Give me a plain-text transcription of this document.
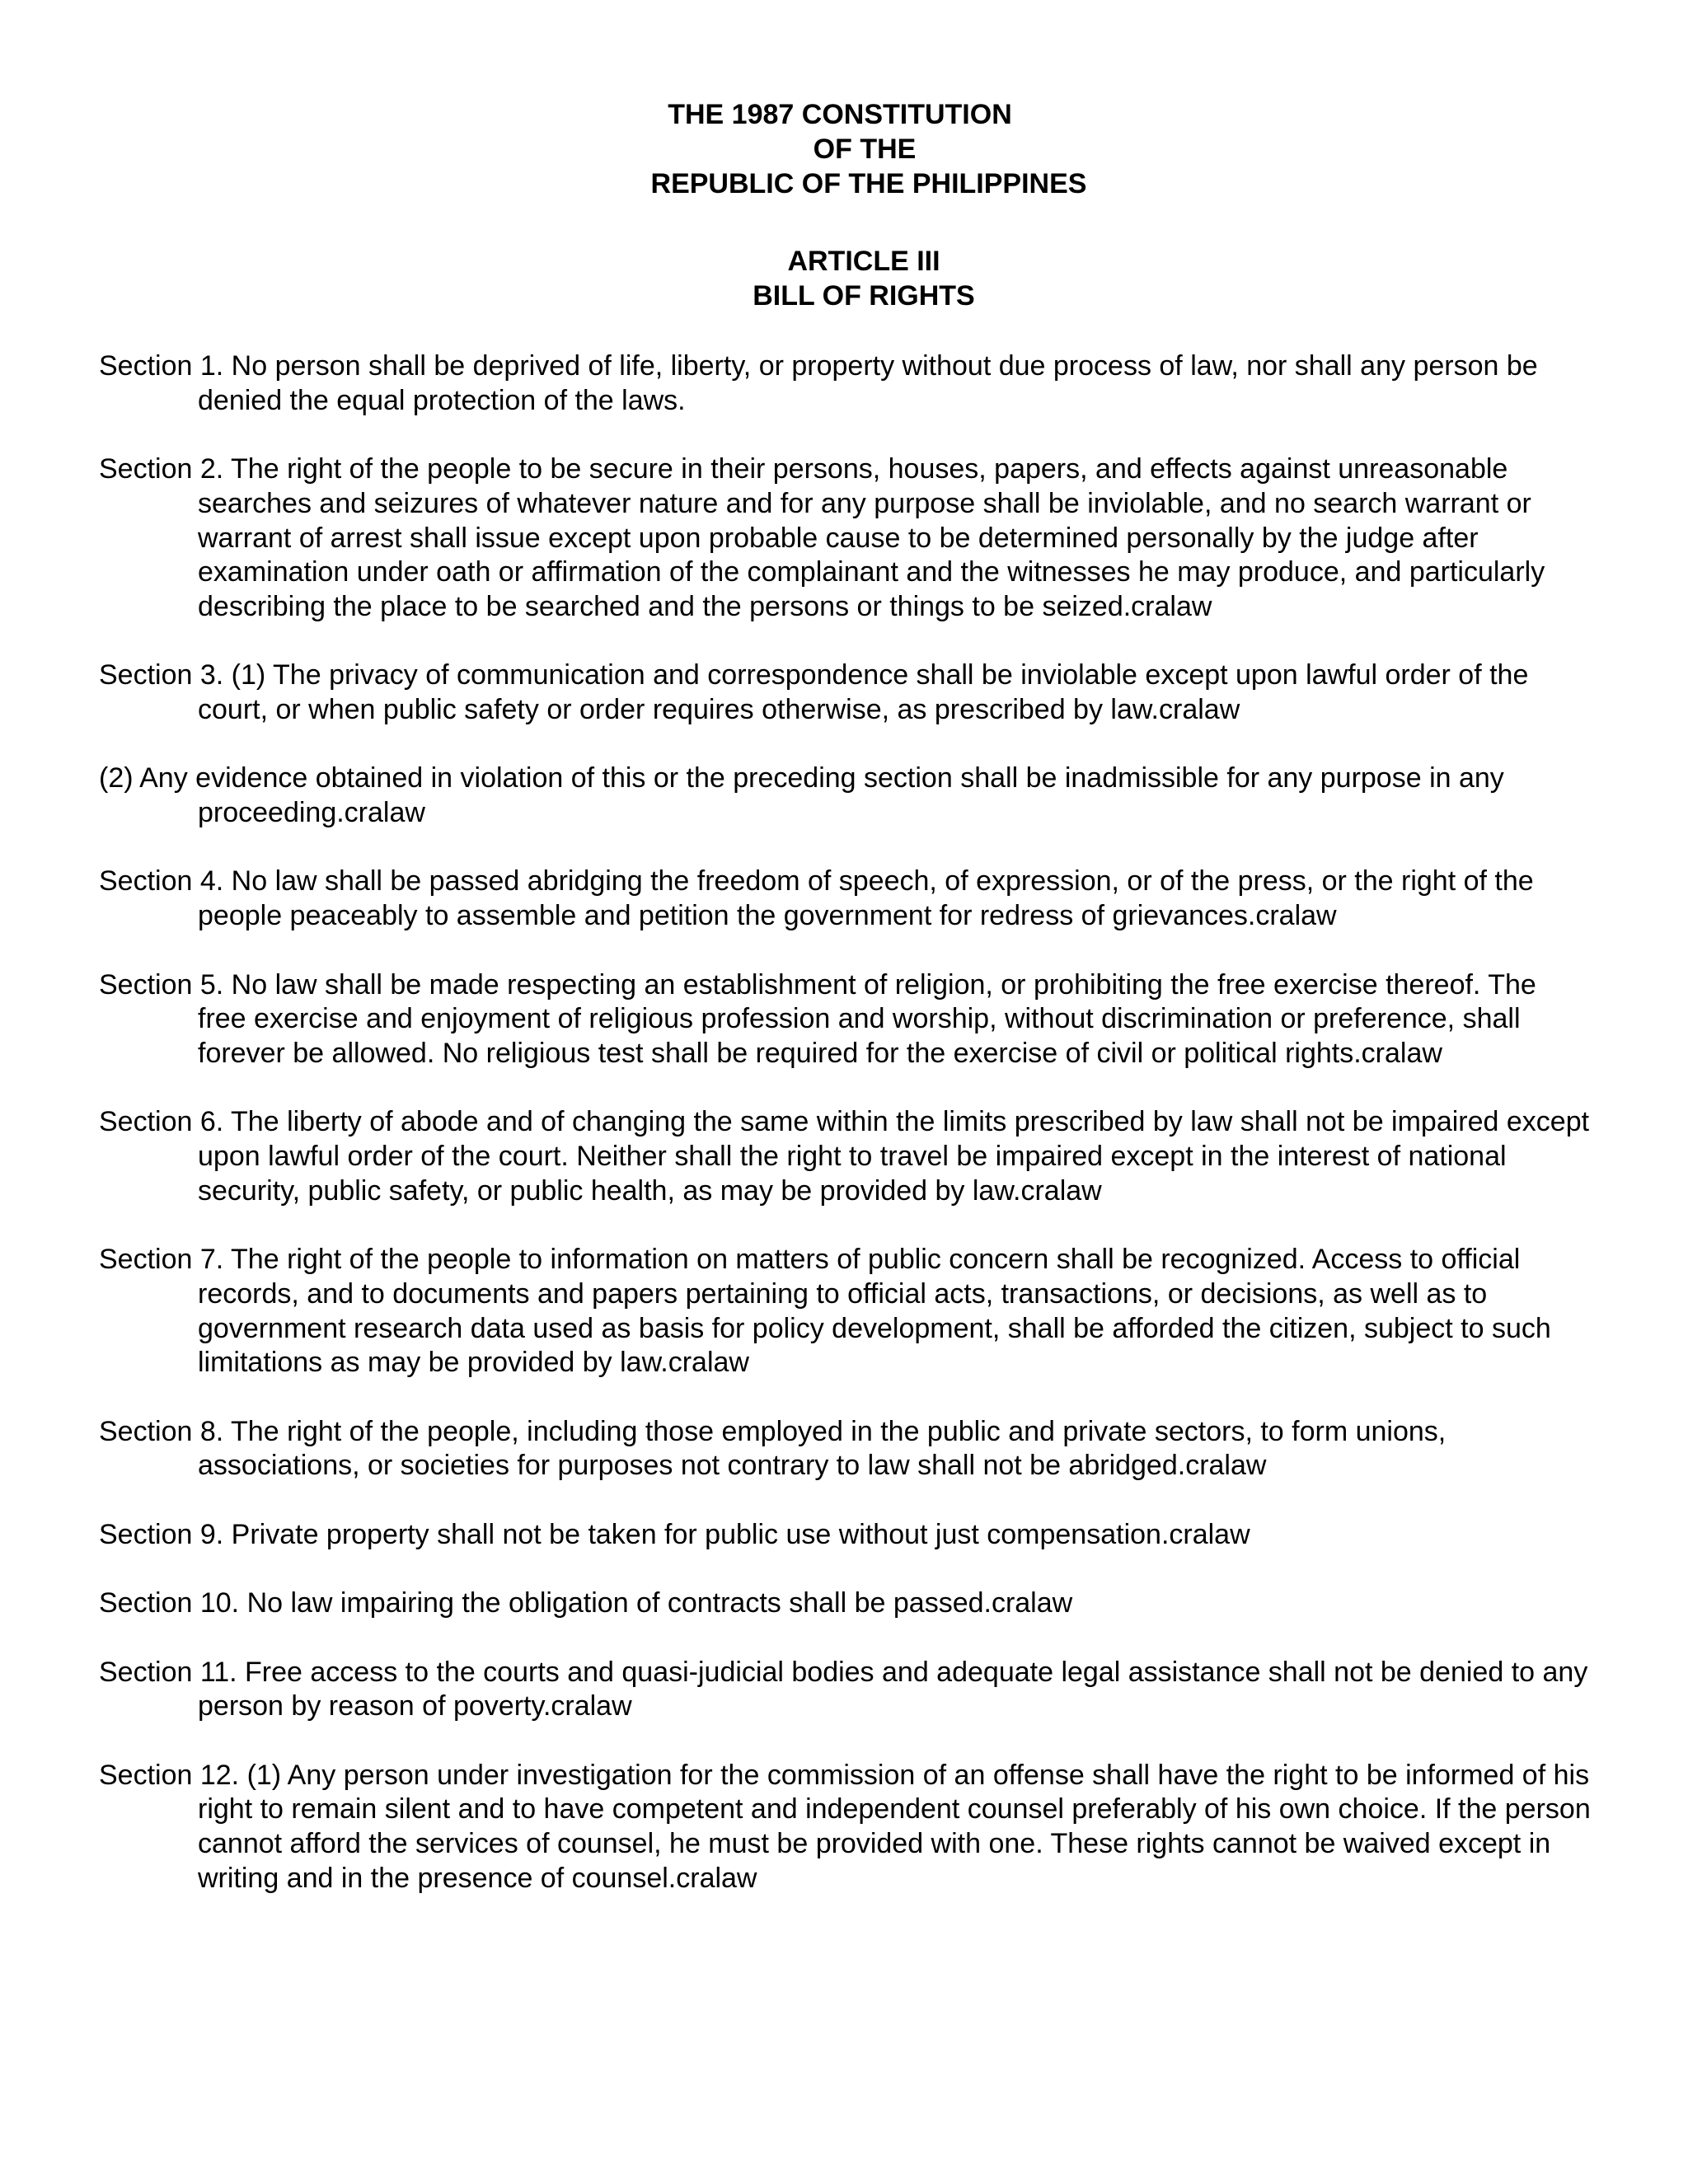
THE 1987 CONSTITUTION
OF THE
REPUBLIC OF THE PHILIPPINES
ARTICLE III
BILL OF RIGHTS

Section 1. No person shall be deprived of life, liberty, or property without due process of law, nor shall any person be denied the equal protection of the laws.

Section 2. The right of the people to be secure in their persons, houses, papers, and effects against unreasonable searches and seizures of whatever nature and for any purpose shall be inviolable, and no search warrant or warrant of arrest shall issue except upon probable cause to be determined personally by the judge after examination under oath or affirmation of the complainant and the witnesses he may produce, and particularly describing the place to be searched and the persons or things to be seized.cralaw

Section 3. (1) The privacy of communication and correspondence shall be inviolable except upon lawful order of the court, or when public safety or order requires otherwise, as prescribed by law.cralaw

(2) Any evidence obtained in violation of this or the preceding section shall be inadmissible for any purpose in any proceeding.cralaw

Section 4. No law shall be passed abridging the freedom of speech, of expression, or of the press, or the right of the people peaceably to assemble and petition the government for redress of grievances.cralaw

Section 5. No law shall be made respecting an establishment of religion, or prohibiting the free exercise thereof. The free exercise and enjoyment of religious profession and worship, without discrimination or preference, shall forever be allowed. No religious test shall be required for the exercise of civil or political rights.cralaw

Section 6. The liberty of abode and of changing the same within the limits prescribed by law shall not be impaired except upon lawful order of the court. Neither shall the right to travel be impaired except in the interest of national security, public safety, or public health, as may be provided by law.cralaw

Section 7. The right of the people to information on matters of public concern shall be recognized. Access to official records, and to documents and papers pertaining to official acts, transactions, or decisions, as well as to government research data used as basis for policy development, shall be afforded the citizen, subject to such limitations as may be provided by law.cralaw

Section 8. The right of the people, including those employed in the public and private sectors, to form unions, associations, or societies for purposes not contrary to law shall not be abridged.cralaw

Section 9. Private property shall not be taken for public use without just compensation.cralaw

Section 10. No law impairing the obligation of contracts shall be passed.cralaw

Section 11. Free access to the courts and quasi-judicial bodies and adequate legal assistance shall not be denied to any person by reason of poverty.cralaw

Section 12. (1) Any person under investigation for the commission of an offense shall have the right to be informed of his right to remain silent and to have competent and independent counsel preferably of his own choice. If the person cannot afford the services of counsel, he must be provided with one. These rights cannot be waived except in writing and in the presence of counsel.cralaw
